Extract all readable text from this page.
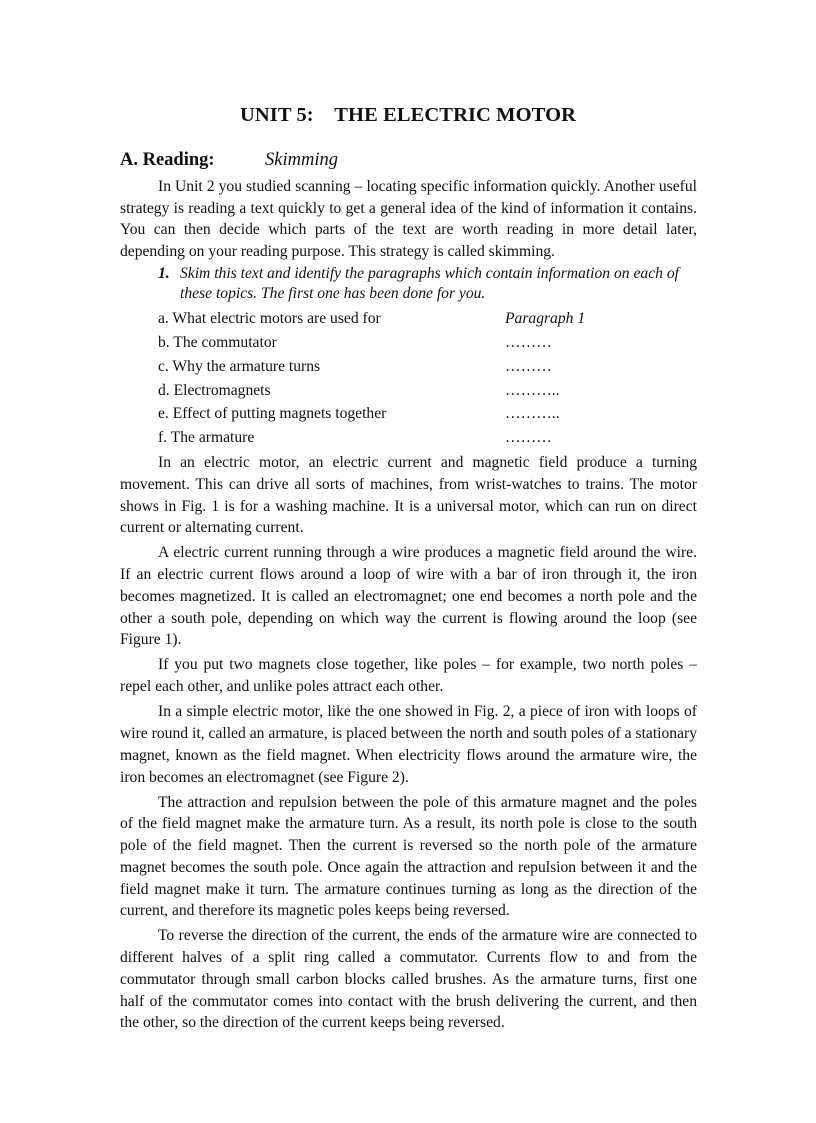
UNIT 5:    THE ELECTRIC MOTOR
A. Reading:	Skimming

In Unit 2 you studied scanning – locating specific information quickly. Another useful strategy is reading a text quickly to get a general idea of the kind of information it contains. You can then decide which parts of the text are worth reading in more detail later, depending on your reading purpose. This strategy is called skimming.

1. Skim this text and identify the paragraphs which contain information on each of these topics. The first one has been done for you.
a. What electric motors are used for	Paragraph 1
b. The commutator	………
c. Why the armature turns	………
d. Electromagnets	………..
e. Effect of putting magnets together	………..
f. The armature	………

In an electric motor, an electric current and magnetic field produce a turning movement. This can drive all sorts of machines, from wrist-watches to trains. The motor shows in Fig. 1 is for a washing machine. It is a universal motor, which can run on direct current or alternating current.

A electric current running through a wire produces a magnetic field around the wire. If an electric current flows around a loop of wire with a bar of iron through it, the iron becomes magnetized. It is called an electromagnet; one end becomes a north pole and the other a south pole, depending on which way the current is flowing around the loop (see Figure 1).

If you put two magnets close together, like poles – for example, two north poles – repel each other, and unlike poles attract each other.

In a simple electric motor, like the one showed in Fig. 2, a piece of iron with loops of wire round it, called an armature, is placed between the north and south poles of a stationary magnet, known as the field magnet. When electricity flows around the armature wire, the iron becomes an electromagnet (see Figure 2).

The attraction and repulsion between the pole of this armature magnet and the poles of the field magnet make the armature turn. As a result, its north pole is close to the south pole of the field magnet. Then the current is reversed so the north pole of the armature magnet becomes the south pole. Once again the attraction and repulsion between it and the field magnet make it turn. The armature continues turning as long as the direction of the current, and therefore its magnetic poles keeps being reversed.

To reverse the direction of the current, the ends of the armature wire are connected to different halves of a split ring called a commutator. Currents flow to and from the commutator through small carbon blocks called brushes. As the armature turns, first one half of the commutator comes into contact with the brush delivering the current, and then the other, so the direction of the current keeps being reversed.
